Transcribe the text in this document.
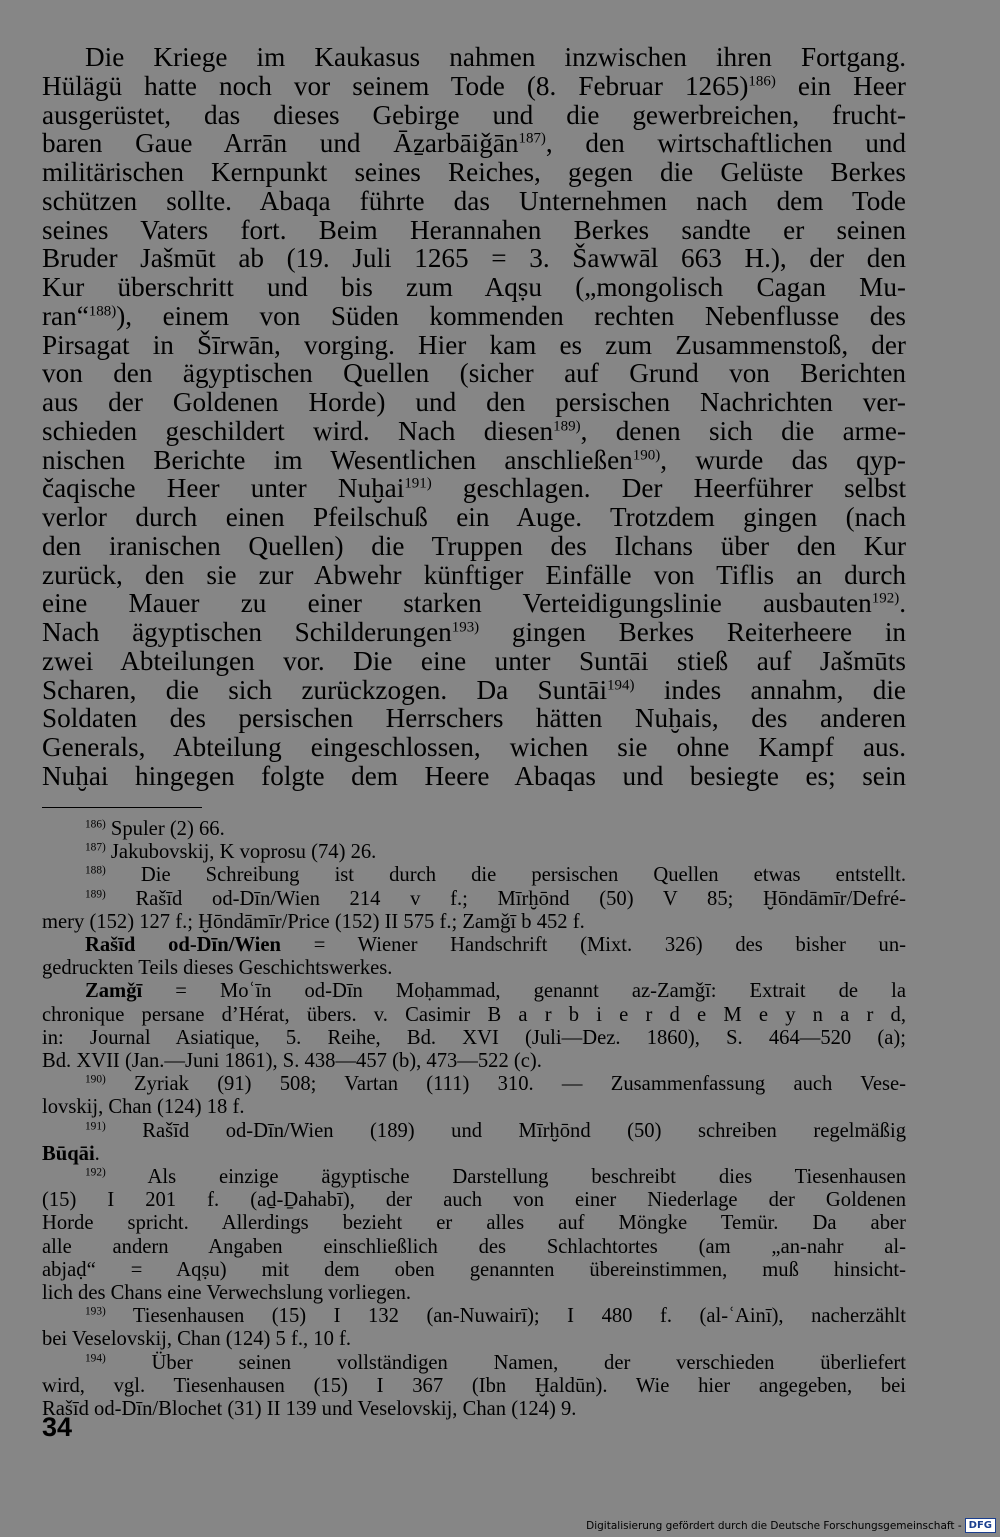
Die Kriege im Kaukasus nahmen inzwischen ihren Fortgang.
Hülägü hatte noch vor seinem Tode (8. Februar 1265)$^{186)}$ ein Heer
ausgerüstet, das dieses Gebirge und die gewerbreichen, frucht-
baren Gaue Arrān und Āẕarbāiǧān$^{187)}$, den wirtschaftlichen und
militärischen Kernpunkt seines Reiches, gegen die Gelüste Berkes
schützen sollte. Abaqa führte das Unternehmen nach dem Tode
seines Vaters fort. Beim Herannahen Berkes sandte er seinen
Bruder Jašmūt ab (19. Juli 1265 = 3. Šawwāl 663 H.), der den
Kur überschritt und bis zum Aqṣu („mongolisch Cagan Mu-
ran“$^{188)}$), einem von Süden kommenden rechten Nebenflusse des
Pirsagat in Šīrwān, vorging. Hier kam es zum Zusammenstoß, der
von den ägyptischen Quellen (sicher auf Grund von Berichten
aus der Goldenen Horde) und den persischen Nachrichten ver-
schieden geschildert wird. Nach diesen$^{189)}$, denen sich die arme-
nischen Berichte im Wesentlichen anschließen$^{190)}$, wurde das qyp-
čaqische Heer unter Nuḫai$^{191)}$ geschlagen. Der Heerführer selbst
verlor durch einen Pfeilschuß ein Auge. Trotzdem gingen (nach
den iranischen Quellen) die Truppen des Ilchans über den Kur
zurück, den sie zur Abwehr künftiger Einfälle von Tiflis an durch
eine Mauer zu einer starken Verteidigungslinie ausbauten$^{192)}$.
Nach ägyptischen Schilderungen$^{193)}$ gingen Berkes Reiterheere in
zwei Abteilungen vor. Die eine unter Suntāi stieß auf Jašmūts
Scharen, die sich zurückzogen. Da Suntāi$^{194)}$ indes annahm, die
Soldaten des persischen Herrschers hätten Nuḫais, des anderen
Generals, Abteilung eingeschlossen, wichen sie ohne Kampf aus.
Nuḫai hingegen folgte dem Heere Abaqas und besiegte es; sein
$^{186)}$ Spuler (2) 66.
$^{187)}$ Jakubovskij, K voprosu (74) 26.
$^{188)}$ Die Schreibung ist durch die persischen Quellen etwas entstellt.
$^{189)}$ Rašīd od-Dīn/Wien 214 v f.; Mīrḫōnd (50) V 85; Ḫōndāmīr/Defré-
mery (152) 127 f.; Ḫōndāmīr/Price (152) II 575 f.; Zamǧī b 452 f.
Rašīd od-Dīn/Wien = Wiener Handschrift (Mixt. 326) des bisher un-
gedruckten Teils dieses Geschichtswerkes.
Zamǧī = Moʿīn od-Dīn Moḥammad, genannt az-Zamǧī: Extrait de la
chronique persane d’Hérat, übers. v. Casimir B a r b i e r d e M e y n a r d,
in: Journal Asiatique, 5. Reihe, Bd. XVI (Juli—Dez. 1860), S. 464—520 (a);
Bd. XVII (Jan.—Juni 1861), S. 438—457 (b), 473—522 (c).
$^{190)}$ Zyriak (91) 508; Vartan (111) 310. — Zusammenfassung auch Vese-
lovskij, Chan (124) 18 f.
$^{191)}$ Rašīd od-Dīn/Wien (189) und Mīrḫōnd (50) schreiben regelmäßig
Būqāi.
$^{192)}$ Als einzige ägyptische Darstellung beschreibt dies Tiesenhausen
(15) I 201 f. (aḏ-Ḏahabī), der auch von einer Niederlage der Goldenen
Horde spricht. Allerdings bezieht er alles auf Möngke Temür. Da aber
alle andern Angaben einschließlich des Schlachtortes (am „an-nahr al-
abjaḍ“ = Aqṣu) mit dem oben genannten übereinstimmen, muß hinsicht-
lich des Chans eine Verwechslung vorliegen.
$^{193)}$ Tiesenhausen (15) I 132 (an-Nuwairī); I 480 f. (al-ʿAinī), nacherzählt
bei Veselovskij, Chan (124) 5 f., 10 f.
$^{194)}$ Über seinen vollständigen Namen, der verschieden überliefert
wird, vgl. Tiesenhausen (15) I 367 (Ibn Ḫaldūn). Wie hier angegeben, bei
Rašīd od-Dīn/Blochet (31) II 139 und Veselovskij, Chan (124) 9.
34
Digitalisierung gefördert durch die Deutsche Forschungsgemeinschaft - DFG
